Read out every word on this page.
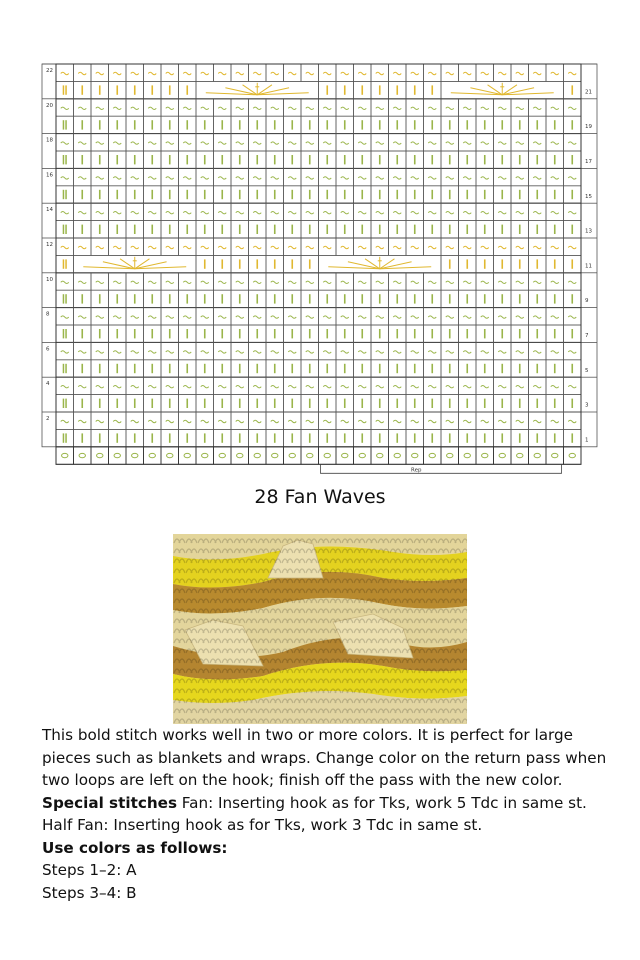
22
20
18
16
14
12
10
8
6
4
2
21
19
17
15
13
11
9
7
5
3
1
Rep
28 Fan Waves

This bold stitch works well in two or more colors. It is perfect for large pieces such as blankets and wraps. Change color on the return pass when two loops are left on the hook; finish off the pass with the new color.

Special stitches Fan: Inserting hook as for Tks, work 5 Tdc in same st.

Half Fan: Inserting hook as for Tks, work 3 Tdc in same st.

Use colors as follows:

Steps 1–2: A

Steps 3–4: B
